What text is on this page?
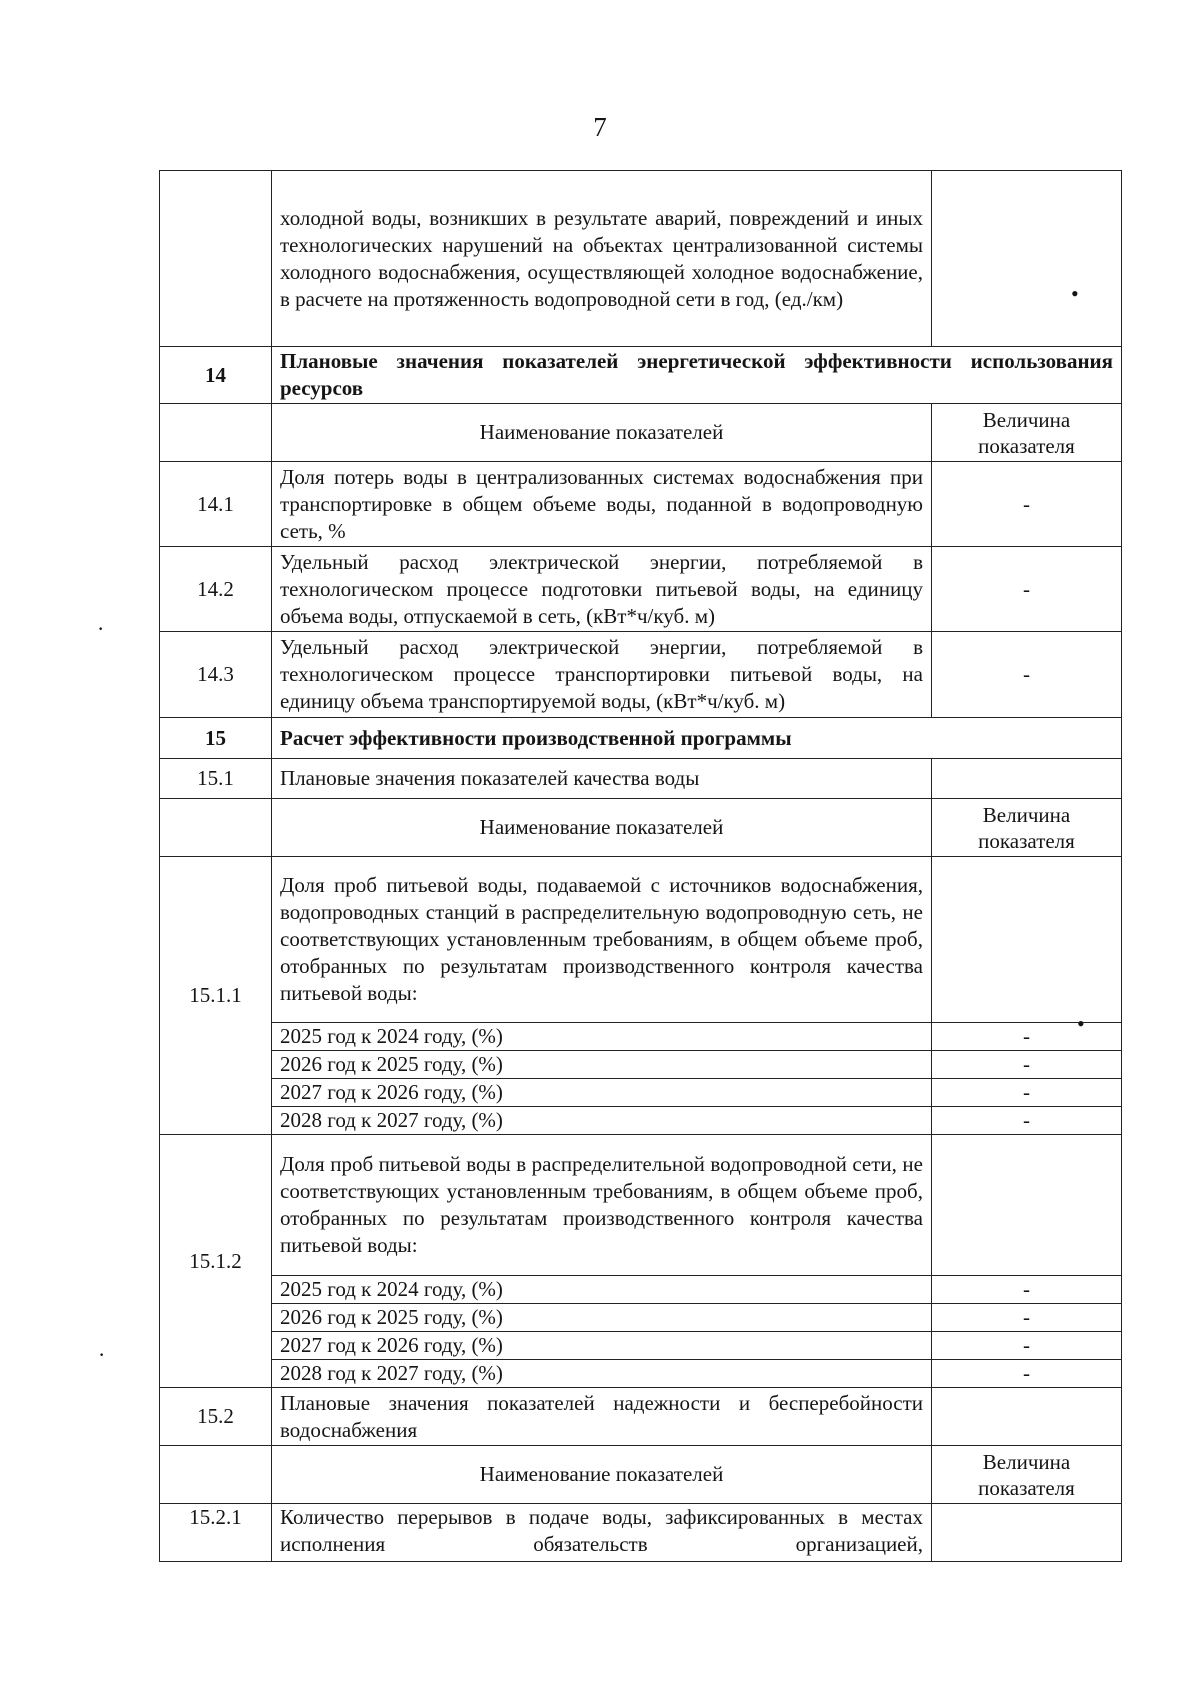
7
	холодной воды, возникших в результате аварий, повреждений и иных технологических нарушений на объектах централизованной системы холодного водоснабжения, осуществляющей холодное водоснабжение, в расчете на протяженность водопроводной сети в год, (ед./км)	
14	Плановые значения показателей энергетической эффективности использования ресурсов	
	Наименование показателей	Величина показателя
14.1	Доля потерь воды в централизованных системах водоснабжения при транспортировке в общем объеме воды, поданной в водопроводную сеть, %	-
14.2	Удельный расход электрической энергии, потребляемой в технологическом процессе подготовки питьевой воды, на единицу объема воды, отпускаемой в сеть, (кВт*ч/куб. м)	-
14.3	Удельный расход электрической энергии, потребляемой в технологическом процессе транспортировки питьевой воды, на единицу объема транспортируемой воды, (кВт*ч/куб. м)	-
15	Расчет эффективности производственной программы	
15.1	Плановые значения показателей качества воды	
	Наименование показателей	Величина показателя
15.1.1	Доля проб питьевой воды, подаваемой с источников водоснабжения, водопроводных станций в распределительную водопроводную сеть, не соответствующих установленным требованиям, в общем объеме проб, отобранных по результатам производственного контроля качества питьевой воды:	
	2025 год к 2024 году, (%)	-
	2026 год к 2025 году, (%)	-
	2027 год к 2026 году, (%)	-
	2028 год к 2027 году, (%)	-
15.1.2	Доля проб питьевой воды в распределительной водопроводной сети, не соответствующих установленным требованиям, в общем объеме проб, отобранных по результатам производственного контроля качества питьевой воды:	
	2025 год к 2024 году, (%)	-
	2026 год к 2025 году, (%)	-
	2027 год к 2026 году, (%)	-
	2028 год к 2027 году, (%)	-
15.2	Плановые значения показателей надежности и бесперебойности водоснабжения	
	Наименование показателей	Величина показателя
15.2.1	Количество перерывов в подаче воды, зафиксированных в местах исполнения обязательств организацией,	
•
•
·
·
